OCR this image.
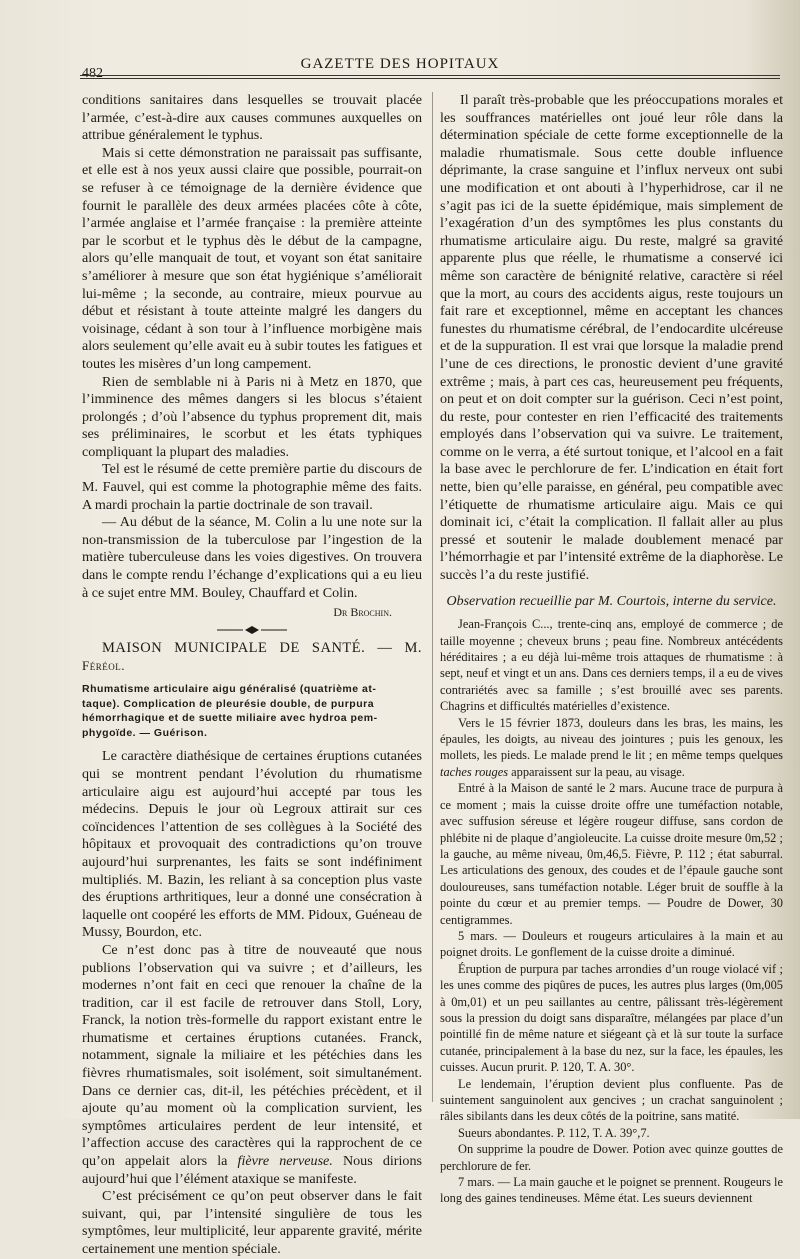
482
GAZETTE DES HOPITAUX

conditions sanitaires dans lesquelles se trouvait placée l’armée, c’est-à-dire aux causes communes auxquelles on attribue généralement le typhus.

Mais si cette démonstration ne paraissait pas suffisante, et elle est à nos yeux aussi claire que possible, pourrait-on se refuser à ce témoignage de la dernière évidence que fournit le parallèle des deux armées placées côte à côte, l’armée anglaise et l’armée française : la première atteinte par le scorbut et le typhus dès le début de la campagne, alors qu’elle manquait de tout, et voyant son état sanitaire s’améliorer à mesure que son état hygiénique s’améliorait lui-même ; la seconde, au contraire, mieux pourvue au début et résistant à toute atteinte malgré les dangers du voisinage, cédant à son tour à l’influence morbigène mais alors seulement qu’elle avait eu à subir toutes les fatigues et toutes les misères d’un long campement.

Rien de semblable ni à Paris ni à Metz en 1870, que l’imminence des mêmes dangers si les blocus s’étaient prolongés ; d’où l’absence du typhus proprement dit, mais ses préliminaires, le scorbut et les états typhiques compliquant la plupart des maladies.

Tel est le résumé de cette première partie du discours de M. Fauvel, qui est comme la photographie même des faits. A mardi prochain la partie doctrinale de son travail.

— Au début de la séance, M. Colin a lu une note sur la non-transmission de la tuberculose par l’ingestion de la matière tuberculeuse dans les voies digestives. On trouvera dans le compte rendu l’échange d’explications qui a eu lieu à ce sujet entre MM. Bouley, Chauffard et Colin.

Dr Brochin.
MAISON MUNICIPALE DE SANTÉ. — M. Féréol.
Rhumatisme articulaire aigu généralisé (quatrième at-
taque). Complication de pleurésie double, de purpura
hémorrhagique et de suette miliaire avec hydroa pem-
phygoïde. — Guérison.

Le caractère diathésique de certaines éruptions cutanées qui se montrent pendant l’évolution du rhumatisme articulaire aigu est aujourd’hui accepté par tous les médecins. Depuis le jour où Legroux attirait sur ces coïncidences l’attention de ses collègues à la Société des hôpitaux et provoquait des contradictions qu’on trouve aujourd’hui surprenantes, les faits se sont indéfiniment multipliés. M. Bazin, les reliant à sa conception plus vaste des éruptions arthritiques, leur a donné une consécration à laquelle ont coopéré les efforts de MM. Pidoux, Guéneau de Mussy, Bourdon, etc.

Ce n’est donc pas à titre de nouveauté que nous publions l’observation qui va suivre ; et d’ailleurs, les modernes n’ont fait en ceci que renouer la chaîne de la tradition, car il est facile de retrouver dans Stoll, Lory, Franck, la notion très-formelle du rapport existant entre le rhumatisme et certaines éruptions cutanées. Franck, notamment, signale la miliaire et les pétéchies dans les fièvres rhumatismales, soit isolément, soit simultanément. Dans ce dernier cas, dit-il, les pétéchies précèdent, et il ajoute qu’au moment où la complication survient, les symptômes articulaires perdent de leur intensité, et l’affection accuse des caractères qui la rapprochent de ce qu’on appelait alors la fièvre nerveuse. Nous dirions aujourd’hui que l’élément ataxique se manifeste.

C’est précisément ce qu’on peut observer dans le fait suivant, qui, par l’intensité singulière de tous les symptômes, leur multiplicité, leur apparente gravité, mérite certainement une mention spéciale.

Il paraît très-probable que les préoccupations morales et les souffrances matérielles ont joué leur rôle dans la détermination spéciale de cette forme exceptionnelle de la maladie rhumatismale. Sous cette double influence déprimante, la crase sanguine et l’influx nerveux ont subi une modification et ont abouti à l’hyperhidrose, car il ne s’agit pas ici de la suette épidémique, mais simplement de l’exagération d’un des symptômes les plus constants du rhumatisme articulaire aigu. Du reste, malgré sa gravité apparente plus que réelle, le rhumatisme a conservé ici même son caractère de bénignité relative, caractère si réel que la mort, au cours des accidents aigus, reste toujours un fait rare et exceptionnel, même en acceptant les chances funestes du rhumatisme cérébral, de l’endocardite ulcéreuse et de la suppuration. Il est vrai que lorsque la maladie prend l’une de ces directions, le pronostic devient d’une gravité extrême ; mais, à part ces cas, heureusement peu fréquents, on peut et on doit compter sur la guérison. Ceci n’est point, du reste, pour contester en rien l’efficacité des traitements employés dans l’observation qui va suivre. Le traitement, comme on le verra, a été surtout tonique, et l’alcool en a fait la base avec le perchlorure de fer. L’indication en était fort nette, bien qu’elle paraisse, en général, peu compatible avec l’étiquette de rhumatisme articulaire aigu. Mais ce qui dominait ici, c’était la complication. Il fallait aller au plus pressé et soutenir le malade doublement menacé par l’hémorrhagie et par l’intensité extrême de la diaphorèse. Le succès l’a du reste justifié.

Observation recueillie par M. Courtois, interne du service.

Jean-François C..., trente-cinq ans, employé de commerce ; de taille moyenne ; cheveux bruns ; peau fine. Nombreux antécédents héréditaires ; a eu déjà lui-même trois attaques de rhumatisme : à sept, neuf et vingt et un ans. Dans ces derniers temps, il a eu de vives contrariétés avec sa famille ; s’est brouillé avec ses parents. Chagrins et difficultés matérielles d’existence.

Vers le 15 février 1873, douleurs dans les bras, les mains, les épaules, les doigts, au niveau des jointures ; puis les genoux, les mollets, les pieds. Le malade prend le lit ; en même temps quelques taches rouges apparaissent sur la peau, au visage.

Entré à la Maison de santé le 2 mars. Aucune trace de purpura à ce moment ; mais la cuisse droite offre une tuméfaction notable, avec suffusion séreuse et légère rougeur diffuse, sans cordon de phlébite ni de plaque d’angioleucite. La cuisse droite mesure 0m,52 ; la gauche, au même niveau, 0m,46,5. Fièvre, P. 112 ; état saburral. Les articulations des genoux, des coudes et de l’épaule gauche sont douloureuses, sans tuméfaction notable. Léger bruit de souffle à la pointe du cœur et au premier temps. — Poudre de Dower, 30 centigrammes.

5 mars. — Douleurs et rougeurs articulaires à la main et au poignet droits. Le gonflement de la cuisse droite a diminué.

Éruption de purpura par taches arrondies d’un rouge violacé vif ; les unes comme des piqûres de puces, les autres plus larges (0m,005 à 0m,01) et un peu saillantes au centre, pâlissant très-légèrement sous la pression du doigt sans disparaître, mélangées par place d’un pointillé fin de même nature et siégeant çà et là sur toute la surface cutanée, principalement à la base du nez, sur la face, les épaules, les cuisses. Aucun prurit. P. 120, T. A. 30°.

Le lendemain, l’éruption devient plus confluente. Pas de suintement sanguinolent aux gencives ; un crachat sanguinolent ; râles sibilants dans les deux côtés de la poitrine, sans matité.

Sueurs abondantes. P. 112, T. A. 39°,7.

On supprime la poudre de Dower. Potion avec quinze gouttes de perchlorure de fer.

7 mars. — La main gauche et le poignet se prennent. Rougeurs le long des gaines tendineuses. Même état. Les sueurs deviennent
